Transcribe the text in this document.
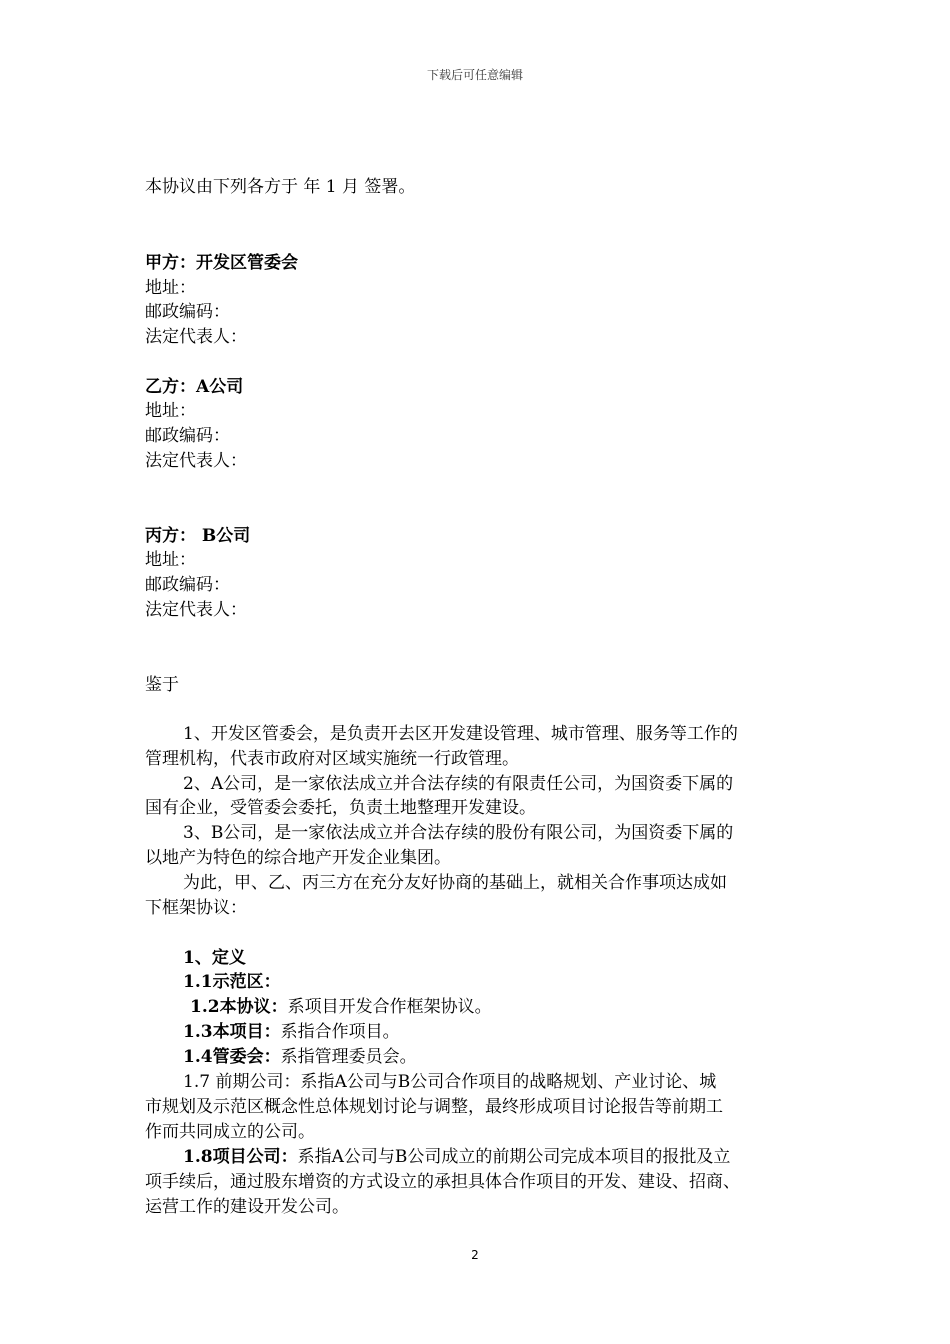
下载后可任意编辑
本协议由下列各方于 年 1 月 签署。
甲方：开发区管委会
地址：
邮政编码：
法定代表人：
乙方：A公司
地址：
邮政编码：
法定代表人：
丙方： B公司
地址：
邮政编码：
法定代表人：
鉴于
1、开发区管委会，是负责开去区开发建设管理、城市管理、服务等工作的
管理机构，代表市政府对区域实施统一行政管理。
2、A公司，是一家依法成立并合法存续的有限责任公司，为国资委下属的
国有企业，受管委会委托，负责土地整理开发建设。
3、B公司，是一家依法成立并合法存续的股份有限公司，为国资委下属的
以地产为特色的综合地产开发企业集团。
为此，甲、乙、丙三方在充分友好协商的基础上，就相关合作事项达成如
下框架协议：
1、定义
1.1示范区：
1.2本协议：系项目开发合作框架协议。
1.3本项目：系指合作项目。
1.4管委会：系指管理委员会。
1.7 前期公司：系指A公司与B公司合作项目的战略规划、产业讨论、城
市规划及示范区概念性总体规划讨论与调整，最终形成项目讨论报告等前期工
作而共同成立的公司。
1.8项目公司：系指A公司与B公司成立的前期公司完成本项目的报批及立
项手续后，通过股东增资的方式设立的承担具体合作项目的开发、建设、招商、
运营工作的建设开发公司。
2
